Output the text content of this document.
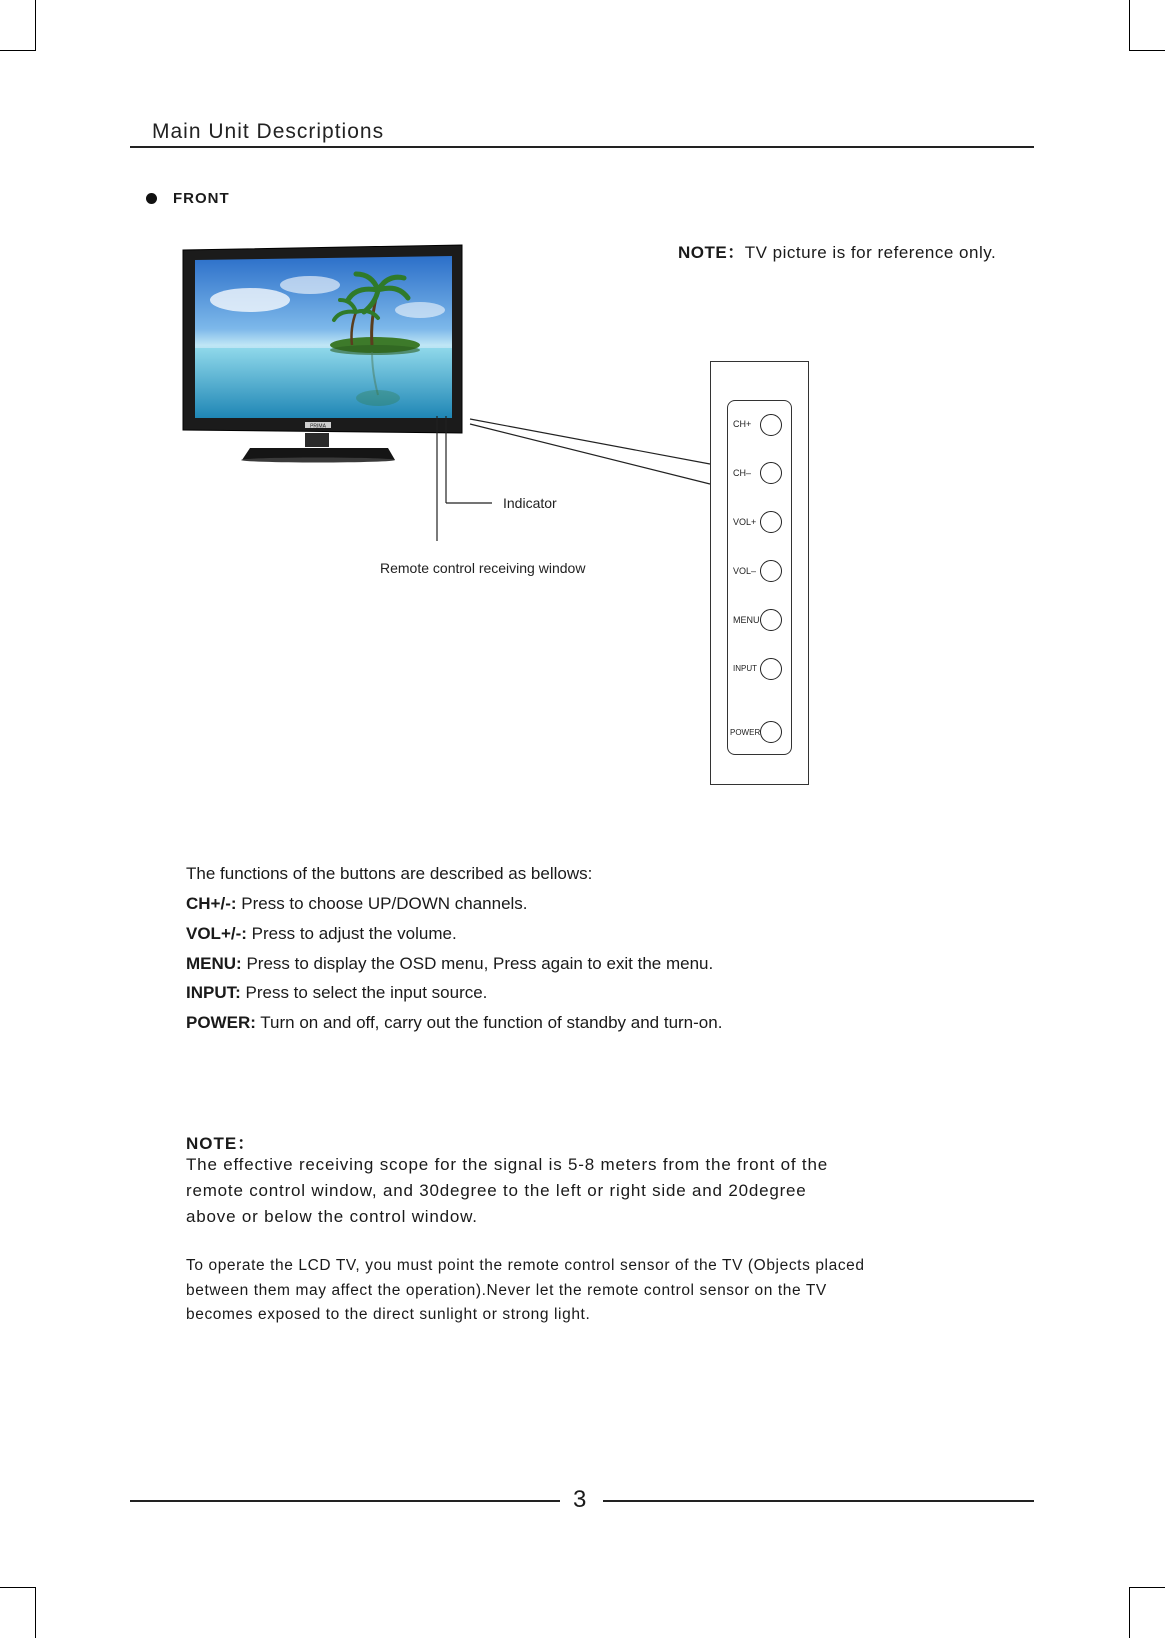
Main Unit Descriptions
FRONT
NOTE：TV picture is for reference only.
PRIMA
Indicator
Remote control receiving window
CH+
CH–
VOL+
VOL–
MENU
INPUT
POWER
The functions of the buttons are described as bellows:
CH+/-: Press to choose UP/DOWN channels.
VOL+/-: Press to adjust the volume.
MENU: Press to display the OSD menu, Press again to exit the menu.
INPUT: Press to select the input source.
POWER: Turn on and off, carry out the function of standby and turn-on.
NOTE：
The effective receiving scope for the signal is 5-8 meters from the front of the remote control window, and 30degree to the left or right side and 20degree above or below the control window.
To operate the LCD TV, you must point the remote control sensor of the TV (Objects placed between them may affect the operation).Never let the remote control sensor on the TV becomes exposed to the direct sunlight or strong light.
3
